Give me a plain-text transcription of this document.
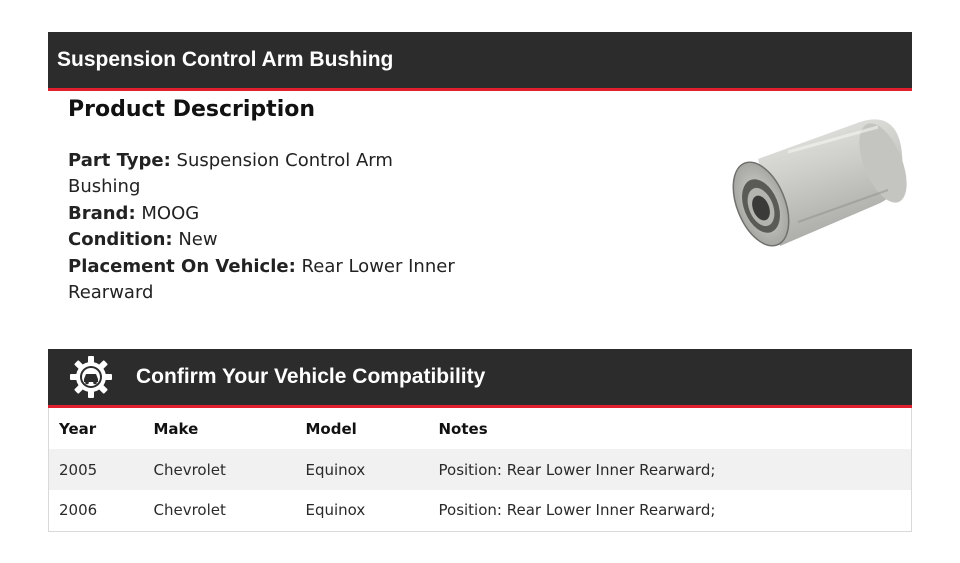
Suspension Control Arm Bushing
Product Description
Part Type: Suspension Control Arm
Bushing
Brand: MOOG
Condition: New
Placement On Vehicle: Rear Lower Inner
Rearward
Confirm Your Vehicle Compatibility
Year	Make	Model	Notes
2005	Chevrolet	Equinox	Position: Rear Lower Inner Rearward;
2006	Chevrolet	Equinox	Position: Rear Lower Inner Rearward;
